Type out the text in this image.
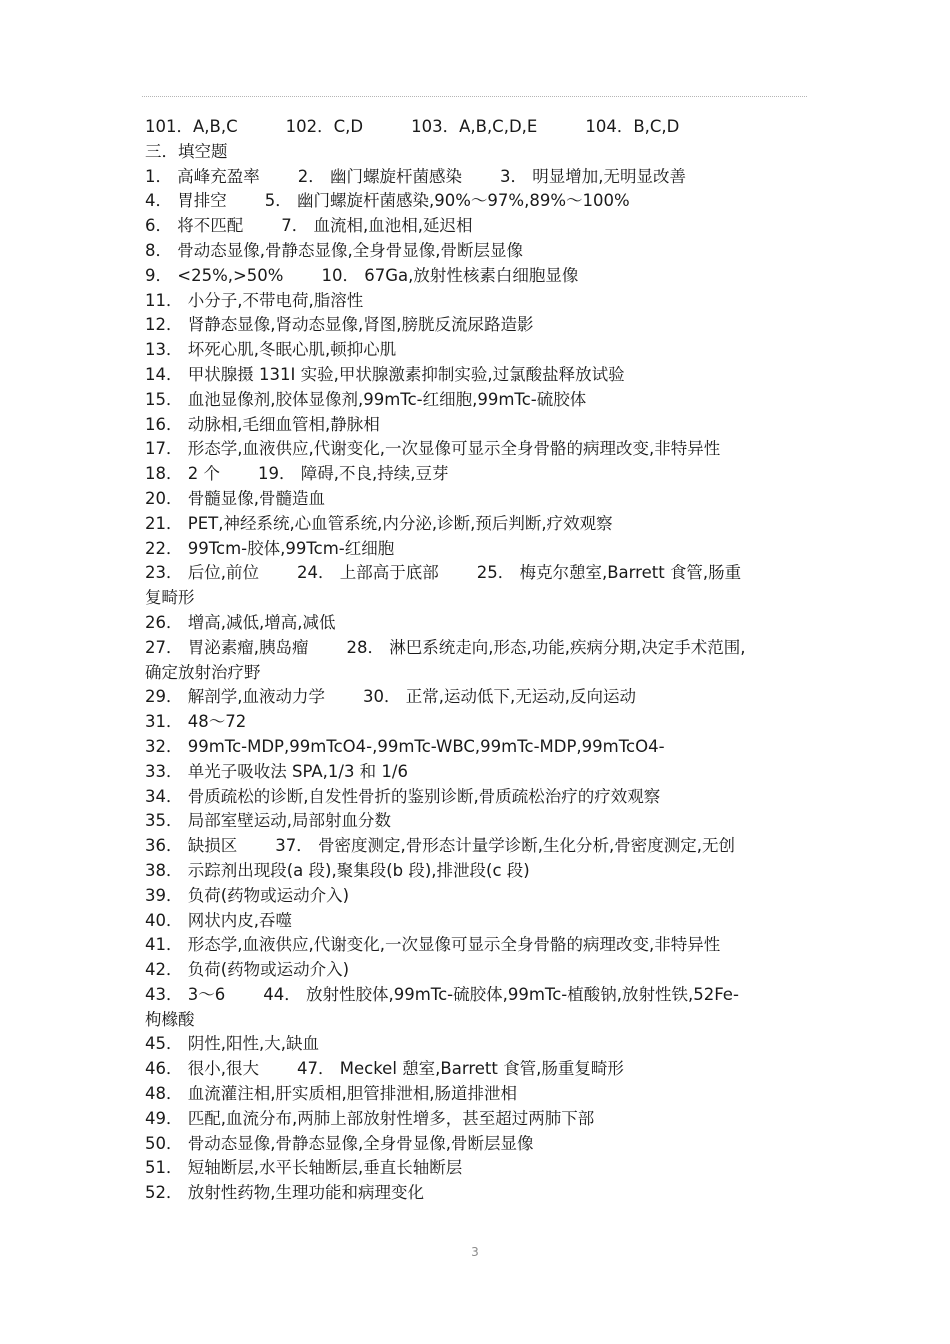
101．A,B,C	102．C,D	103．A,B,C,D,E	104．B,C,D
三．填空题
1． 高峰充盈率 2． 幽门螺旋杆菌感染 3． 明显增加,无明显改善
4． 胃排空 5． 幽门螺旋杆菌感染,90%～97%,89%～100%
6． 将不匹配 7． 血流相,血池相,延迟相
8． 骨动态显像,骨静态显像,全身骨显像,骨断层显像
9． <25%,>50% 10． 67Ga,放射性核素白细胞显像
11． 小分子,不带电荷,脂溶性
12． 肾静态显像,肾动态显像,肾图,膀胱反流尿路造影
13． 坏死心肌,冬眠心肌,顿抑心肌
14． 甲状腺摄 131I 实验,甲状腺激素抑制实验,过氯酸盐释放试验
15． 血池显像剂,胶体显像剂,99mTc-红细胞,99mTc-硫胶体
16． 动脉相,毛细血管相,静脉相
17． 形态学,血液供应,代谢变化,一次显像可显示全身骨骼的病理改变,非特异性
18． 2 个 19． 障碍,不良,持续,豆芽
20． 骨髓显像,骨髓造血
21． PET,神经系统,心血管系统,内分泌,诊断,预后判断,疗效观察
22． 99Tcm-胶体,99Tcm-红细胞
23． 后位,前位 24． 上部高于底部 25． 梅克尔憩室,Barrett 食管,肠重
复畸形
26． 增高,减低,增高,减低
27． 胃泌素瘤,胰岛瘤 28． 淋巴系统走向,形态,功能,疾病分期,决定手术范围,
确定放射治疗野
29． 解剖学,血液动力学 30． 正常,运动低下,无运动,反向运动
31． 48～72
32． 99mTc-MDP,99mTcO4-,99mTc-WBC,99mTc-MDP,99mTcO4-
33． 单光子吸收法 SPA,1/3 和 1/6
34． 骨质疏松的诊断,自发性骨折的鉴别诊断,骨质疏松治疗的疗效观察
35． 局部室壁运动,局部射血分数
36． 缺损区 37． 骨密度测定,骨形态计量学诊断,生化分析,骨密度测定,无创
38． 示踪剂出现段(a 段),聚集段(b 段),排泄段(c 段)
39． 负荷(药物或运动介入)
40． 网状内皮,吞噬
41． 形态学,血液供应,代谢变化,一次显像可显示全身骨骼的病理改变,非特异性
42． 负荷(药物或运动介入)
43． 3～6 44． 放射性胶体,99mTc-硫胶体,99mTc-植酸钠,放射性铁,52Fe-
枸橼酸
45． 阴性,阳性,大,缺血
46． 很小,很大 47． Meckel 憩室,Barrett 食管,肠重复畸形
48． 血流灌注相,肝实质相,胆管排泄相,肠道排泄相
49． 匹配,血流分布,两肺上部放射性增多，甚至超过两肺下部
50． 骨动态显像,骨静态显像,全身骨显像,骨断层显像
51． 短轴断层,水平长轴断层,垂直长轴断层
52． 放射性药物,生理功能和病理变化
3
